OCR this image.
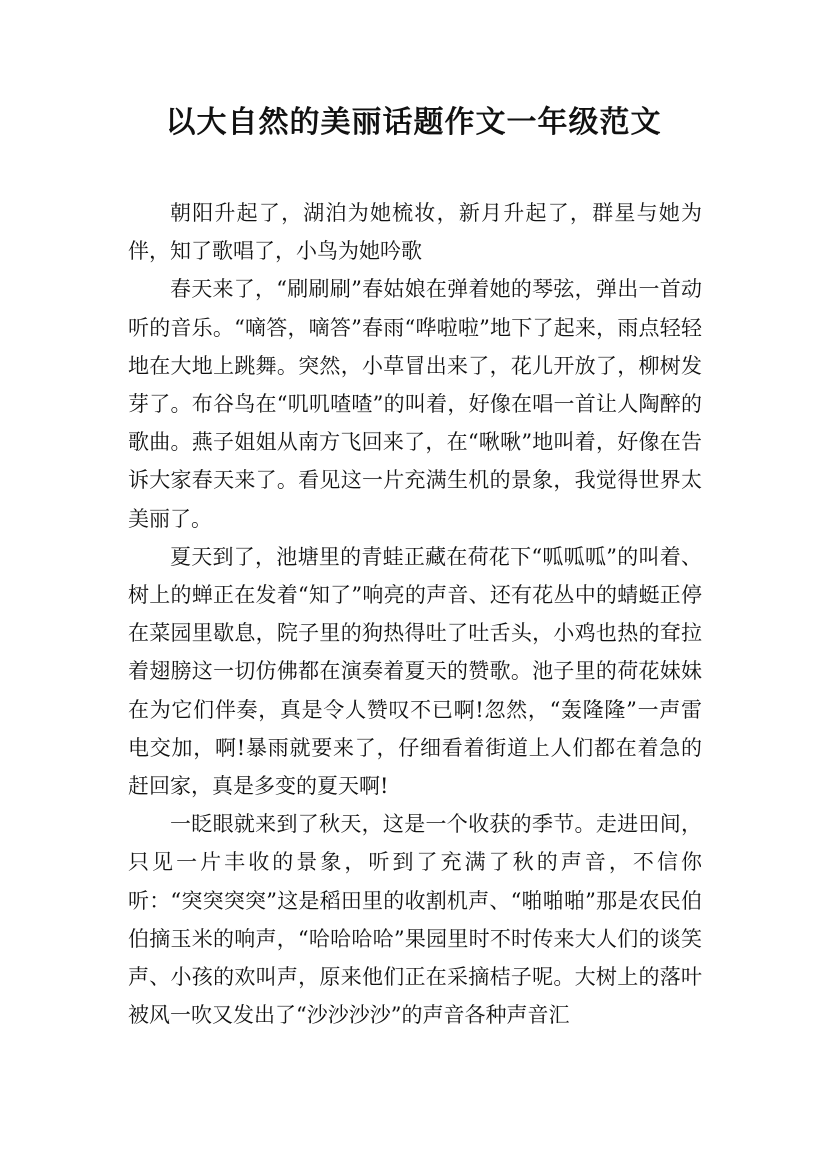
以大自然的美丽话题作文一年级范文

朝阳升起了，湖泊为她梳妆，新月升起了，群星与她为伴，知了歌唱了，小鸟为她吟歌

春天来了，“刷刷刷”春姑娘在弹着她的琴弦，弹出一首动听的音乐。“嘀答，嘀答”春雨“哗啦啦”地下了起来，雨点轻轻地在大地上跳舞。突然，小草冒出来了，花儿开放了，柳树发芽了。布谷鸟在“叽叽喳喳”的叫着，好像在唱一首让人陶醉的歌曲。燕子姐姐从南方飞回来了，在“啾啾”地叫着，好像在告诉大家春天来了。看见这一片充满生机的景象，我觉得世界太美丽了。

夏天到了，池塘里的青蛙正藏在荷花下“呱呱呱”的叫着、树上的蝉正在发着“知了”响亮的声音、还有花丛中的蜻蜓正停在菜园里歇息，院子里的狗热得吐了吐舌头，小鸡也热的耷拉着翅膀这一切仿佛都在演奏着夏天的赞歌。池子里的荷花妹妹在为它们伴奏，真是令人赞叹不已啊!忽然，“轰隆隆”一声雷电交加，啊!暴雨就要来了，仔细看着街道上人们都在着急的赶回家，真是多变的夏天啊!

一眨眼就来到了秋天，这是一个收获的季节。走进田间，只见一片丰收的景象，听到了充满了秋的声音，不信你听：“突突突突”这是稻田里的收割机声、“啪啪啪”那是农民伯伯摘玉米的响声，“哈哈哈哈”果园里时不时传来大人们的谈笑声、小孩的欢叫声，原来他们正在采摘桔子呢。大树上的落叶被风一吹又发出了“沙沙沙沙”的声音各种声音汇
